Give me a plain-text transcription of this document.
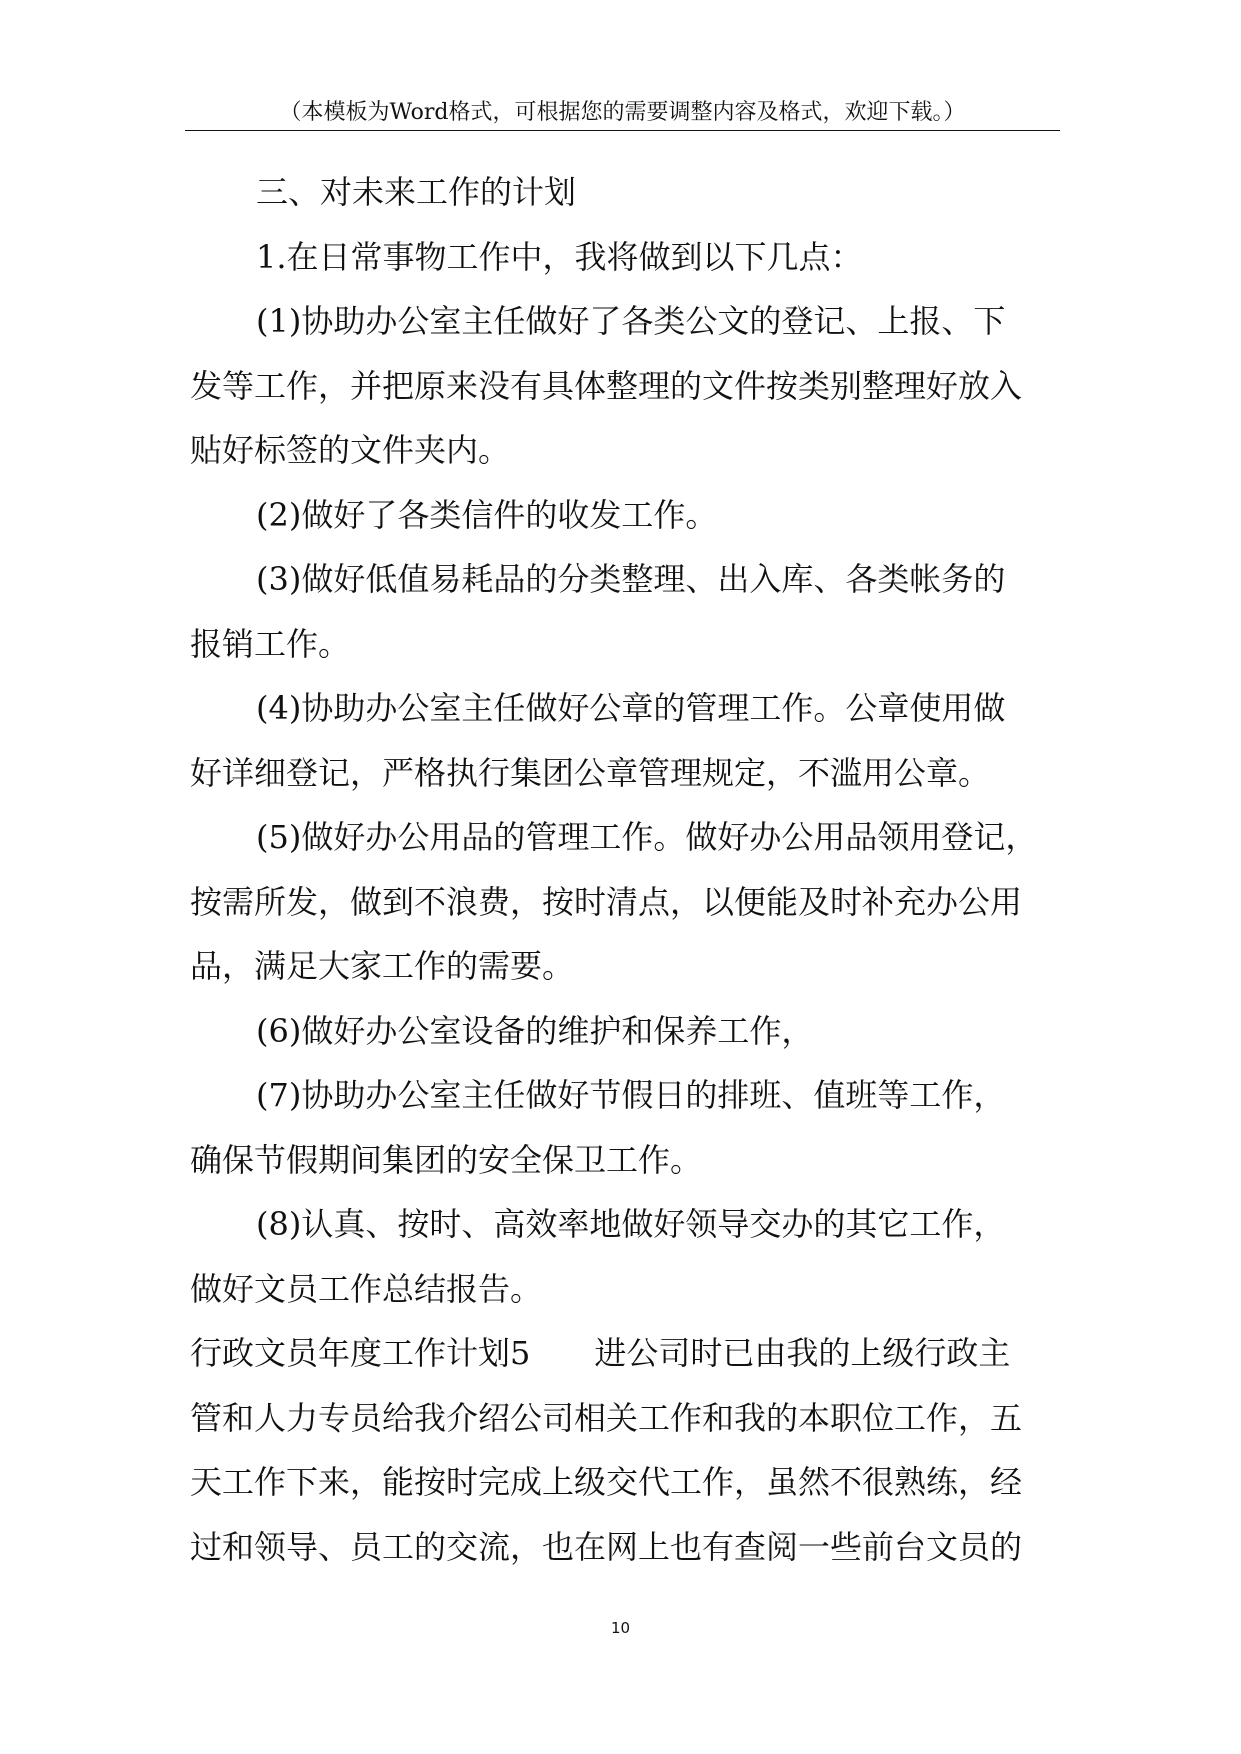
（本模板为Word格式，可根据您的需要调整内容及格式，欢迎下载。）
三、对未来工作的计划
1.在日常事物工作中，我将做到以下几点：
(1)协助办公室主任做好了各类公文的登记、上报、下
发等工作，并把原来没有具体整理的文件按类别整理好放入
贴好标签的文件夹内。
(2)做好了各类信件的收发工作。
(3)做好低值易耗品的分类整理、出入库、各类帐务的
报销工作。
(4)协助办公室主任做好公章的管理工作。公章使用做
好详细登记，严格执行集团公章管理规定，不滥用公章。
(5)做好办公用品的管理工作。做好办公用品领用登记，
按需所发，做到不浪费，按时清点，以便能及时补充办公用
品，满足大家工作的需要。
(6)做好办公室设备的维护和保养工作，
(7)协助办公室主任做好节假日的排班、值班等工作，
确保节假期间集团的安全保卫工作。
(8)认真、按时、高效率地做好领导交办的其它工作，
做好文员工作总结报告。
行政文员年度工作计划5 进公司时已由我的上级行政主
管和人力专员给我介绍公司相关工作和我的本职位工作，五
天工作下来，能按时完成上级交代工作，虽然不很熟练，经
过和领导、员工的交流，也在网上也有查阅一些前台文员的
10
